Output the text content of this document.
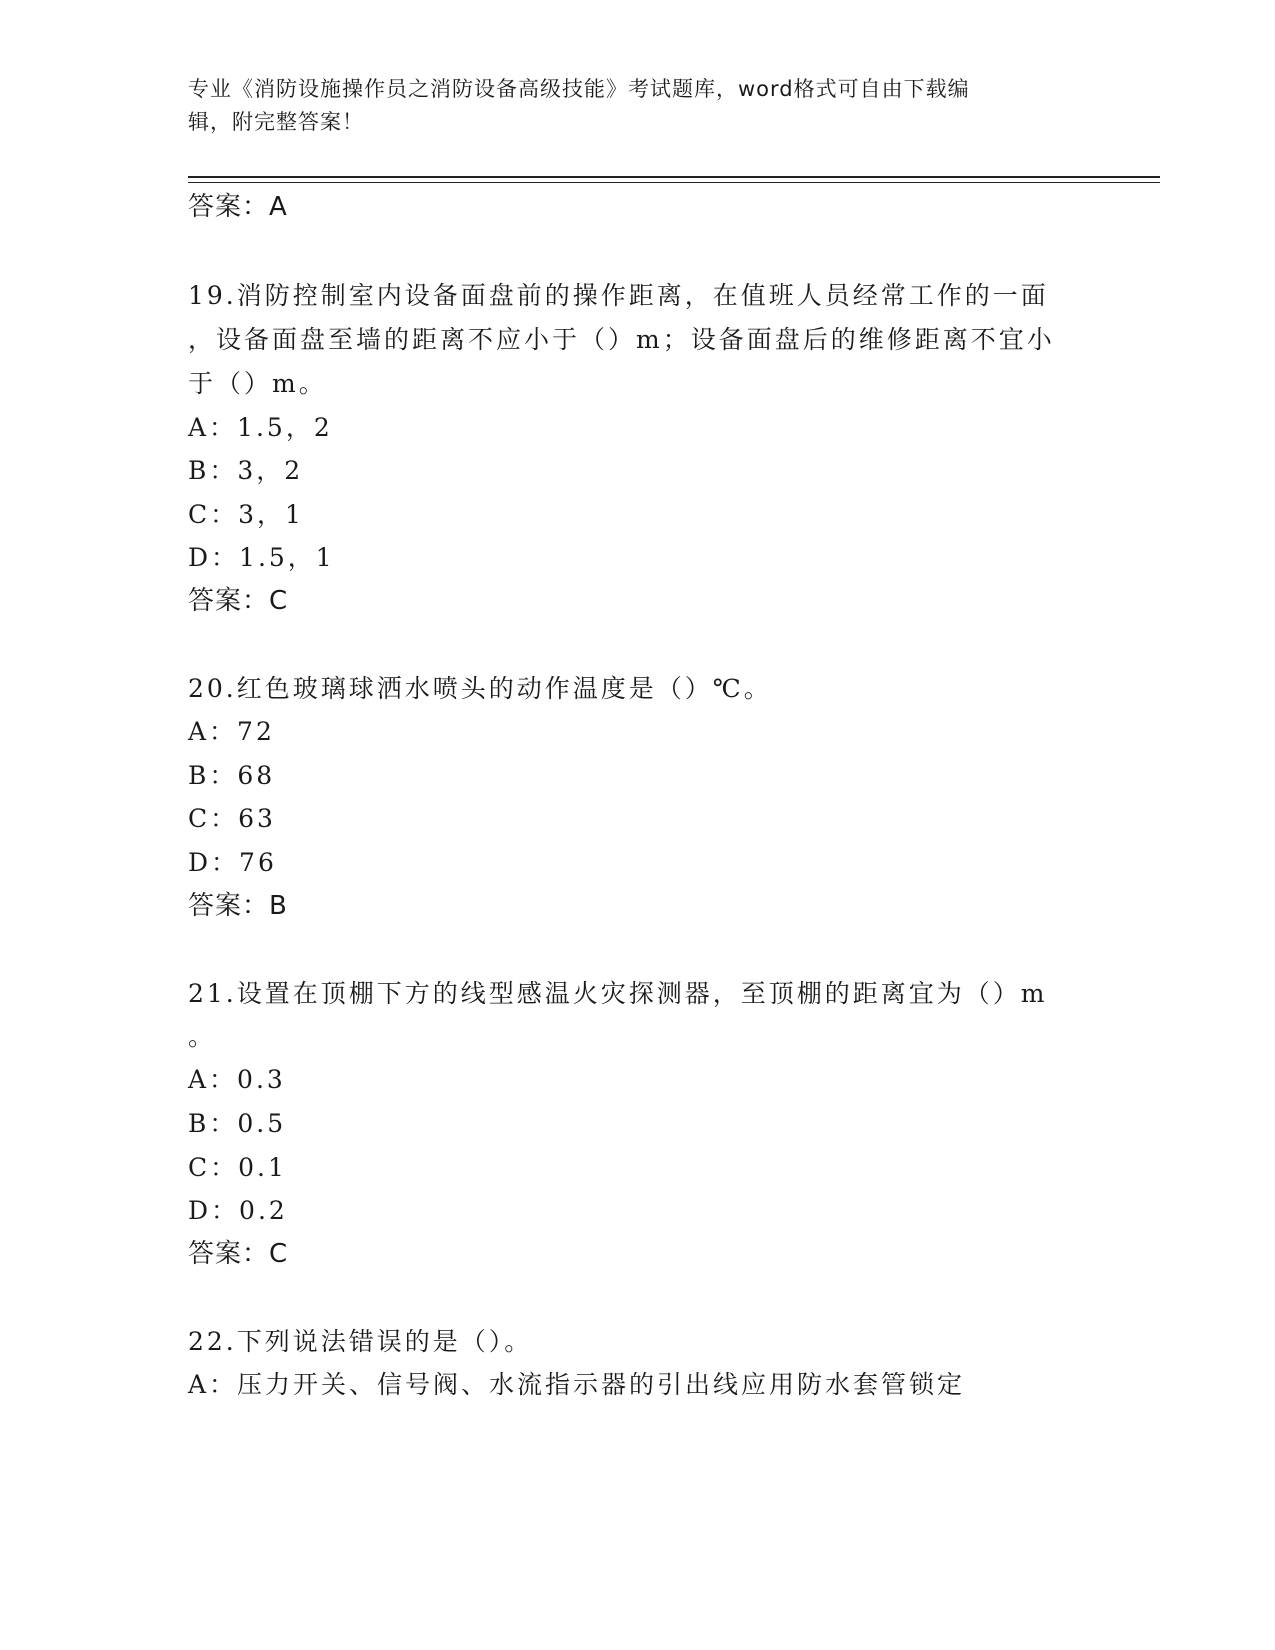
专业《消防设施操作员之消防设备高级技能》考试题库，word格式可自由下载编
辑，附完整答案！
答案：A
19.消防控制室内设备面盘前的操作距离，在值班人员经常工作的一面
，设备面盘至墙的距离不应小于（）m；设备面盘后的维修距离不宜小
于（）m。
A：1.5，2
B：3，2
C：3，1
D：1.5，1
答案：C
20.红色玻璃球洒水喷头的动作温度是（）℃。
A：72
B：68
C：63
D：76
答案：B
21.设置在顶棚下方的线型感温火灾探测器，至顶棚的距离宜为（）m
。
A：0.3
B：0.5
C：0.1
D：0.2
答案：C
22.下列说法错误的是（）。
A：压力开关、信号阀、水流指示器的引出线应用防水套管锁定
